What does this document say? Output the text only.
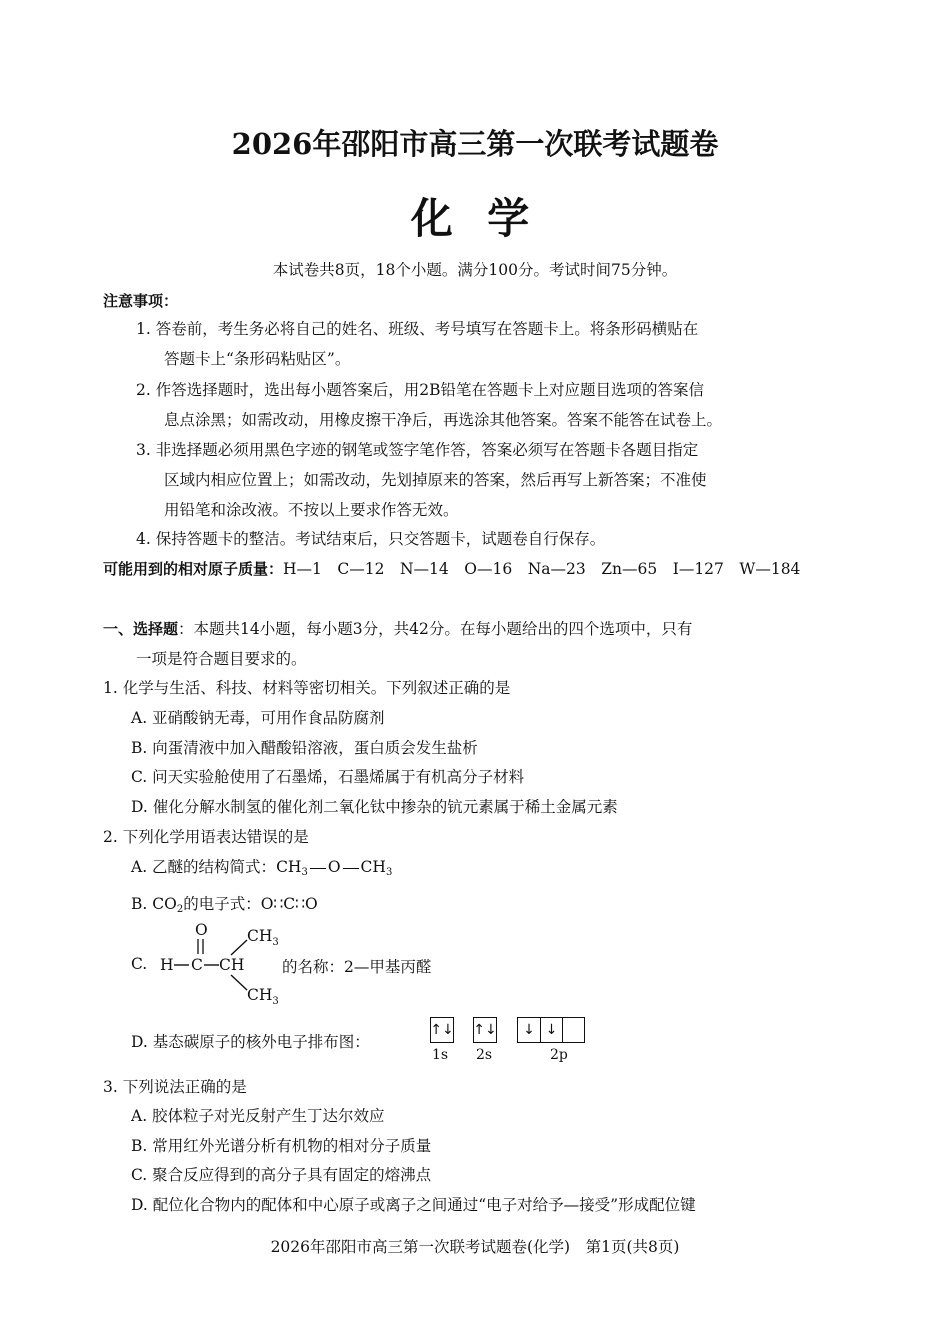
2026年邵阳市高三第一次联考试题卷
化 学
本试卷共8页，18个小题。满分100分。考试时间75分钟。
注意事项：
1. 答卷前，考生务必将自己的姓名、班级、考号填写在答题卡上。将条形码横贴在
答题卡上“条形码粘贴区”。
2. 作答选择题时，选出每小题答案后，用2B铅笔在答题卡上对应题目选项的答案信
息点涂黑；如需改动，用橡皮擦干净后，再选涂其他答案。答案不能答在试卷上。
3. 非选择题必须用黑色字迹的钢笔或签字笔作答，答案必须写在答题卡各题目指定
区域内相应位置上；如需改动，先划掉原来的答案，然后再写上新答案；不准使
用铅笔和涂改液。不按以上要求作答无效。
4. 保持答题卡的整洁。考试结束后，只交答题卡，试题卷自行保存。
可能用到的相对原子质量：H—1　C—12　N—14　O—16　Na—23　Zn—65　I—127　W—184
一、选择题：本题共14小题，每小题3分，共42分。在每小题给出的四个选项中，只有
一项是符合题目要求的。
1. 化学与生活、科技、材料等密切相关。下列叙述正确的是
A. 亚硝酸钠无毒，可用作食品防腐剂
B. 向蛋清液中加入醋酸铅溶液，蛋白质会发生盐析
C. 问天实验舱使用了石墨烯，石墨烯属于有机高分子材料
D. 催化分解水制氢的催化剂二氧化钛中掺杂的钪元素属于稀土金属元素
2. 下列化学用语表达错误的是
A. 乙醚的结构简式：$CH_3$ O $CH_3$
B. $CO_2$的电子式：O∷C∷O
C. H C
O
CH
$CH_3$
$CH_3$
的名称：2—甲基丙醛
D. 基态碳原子的核外电子排布图：
↑↓ ↑↓	↓ ↓
1s 2s	2p
3. 下列说法正确的是
A. 胶体粒子对光反射产生丁达尔效应
B. 常用红外光谱分析有机物的相对分子质量
C. 聚合反应得到的高分子具有固定的熔沸点
D. 配位化合物内的配体和中心原子或离子之间通过“电子对给予—接受”形成配位键
2026年邵阳市高三第一次联考试题卷(化学)　第1页(共8页)
